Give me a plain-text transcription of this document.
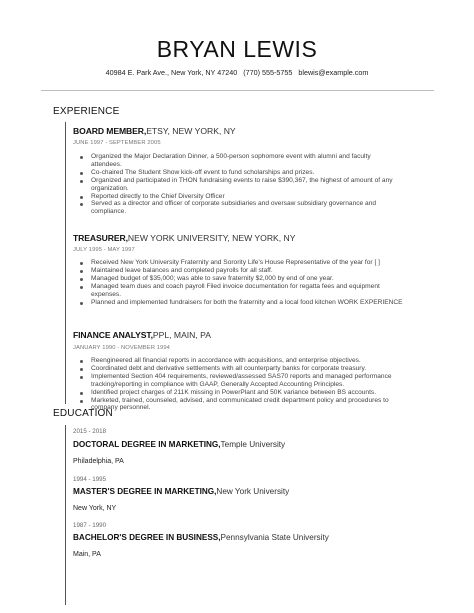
BRYAN LEWIS
40984 E. Park Ave., New York, NY 47240 (770) 555-5755 blewis@example.com
EXPERIENCE
BOARD MEMBER,ETSY, NEW YORK, NY
JUNE 1997 - SEPTEMBER 2005
Organized the Major Declaration Dinner, a 500-person sophomore event with alumni and faculty attendees.
Co-chaired The Student Show kick-off event to fund scholarships and prizes.
Organized and participated in THON fundraising events to raise $390,367, the highest of amount of any organization.
Reported directly to the Chief Diversity Officer
Served as a director and officer of corporate subsidiaries and oversaw subsidiary governance and compliance.
TREASURER,NEW YORK UNIVERSITY, NEW YORK, NY
JULY 1995 - MAY 1997
Received New York University Fraternity and Sorority Life's House Representative of the year for [ ]
Maintained leave balances and completed payrolls for all staff.
Managed budget of $35,000; was able to save fraternity $2,000 by end of one year.
Managed team dues and coach payroll Filed invoice documentation for regatta fees and equipment expenses.
Planned and implemented fundraisers for both the fraternity and a local food kitchen WORK EXPERIENCE
FINANCE ANALYST,PPL, MAIN, PA
JANUARY 1990 - NOVEMBER 1994
Reengineered all financial reports in accordance with acquisitions, and enterprise objectives.
Coordinated debt and derivative settlements with all counterparty banks for corporate treasury.
Implemented Section 404 requirements, reviewed/assessed SAS70 reports and managed performance tracking/reporting in compliance with GAAP, Generally Accepted Accounting Principles.
Identified project charges of 211K missing in PowerPlant and 50K variance between BS accounts.
Marketed, trained, counseled, advised, and communicated credit department policy and procedures to company personnel.
EDUCATION
2015 - 2018
DOCTORAL DEGREE IN MARKETING,Temple University
Philadelphia, PA
1994 - 1995
MASTER'S DEGREE IN MARKETING,New York University
New York, NY
1987 - 1990
BACHELOR'S DEGREE IN BUSINESS,Pennsylvania State University
Main, PA
